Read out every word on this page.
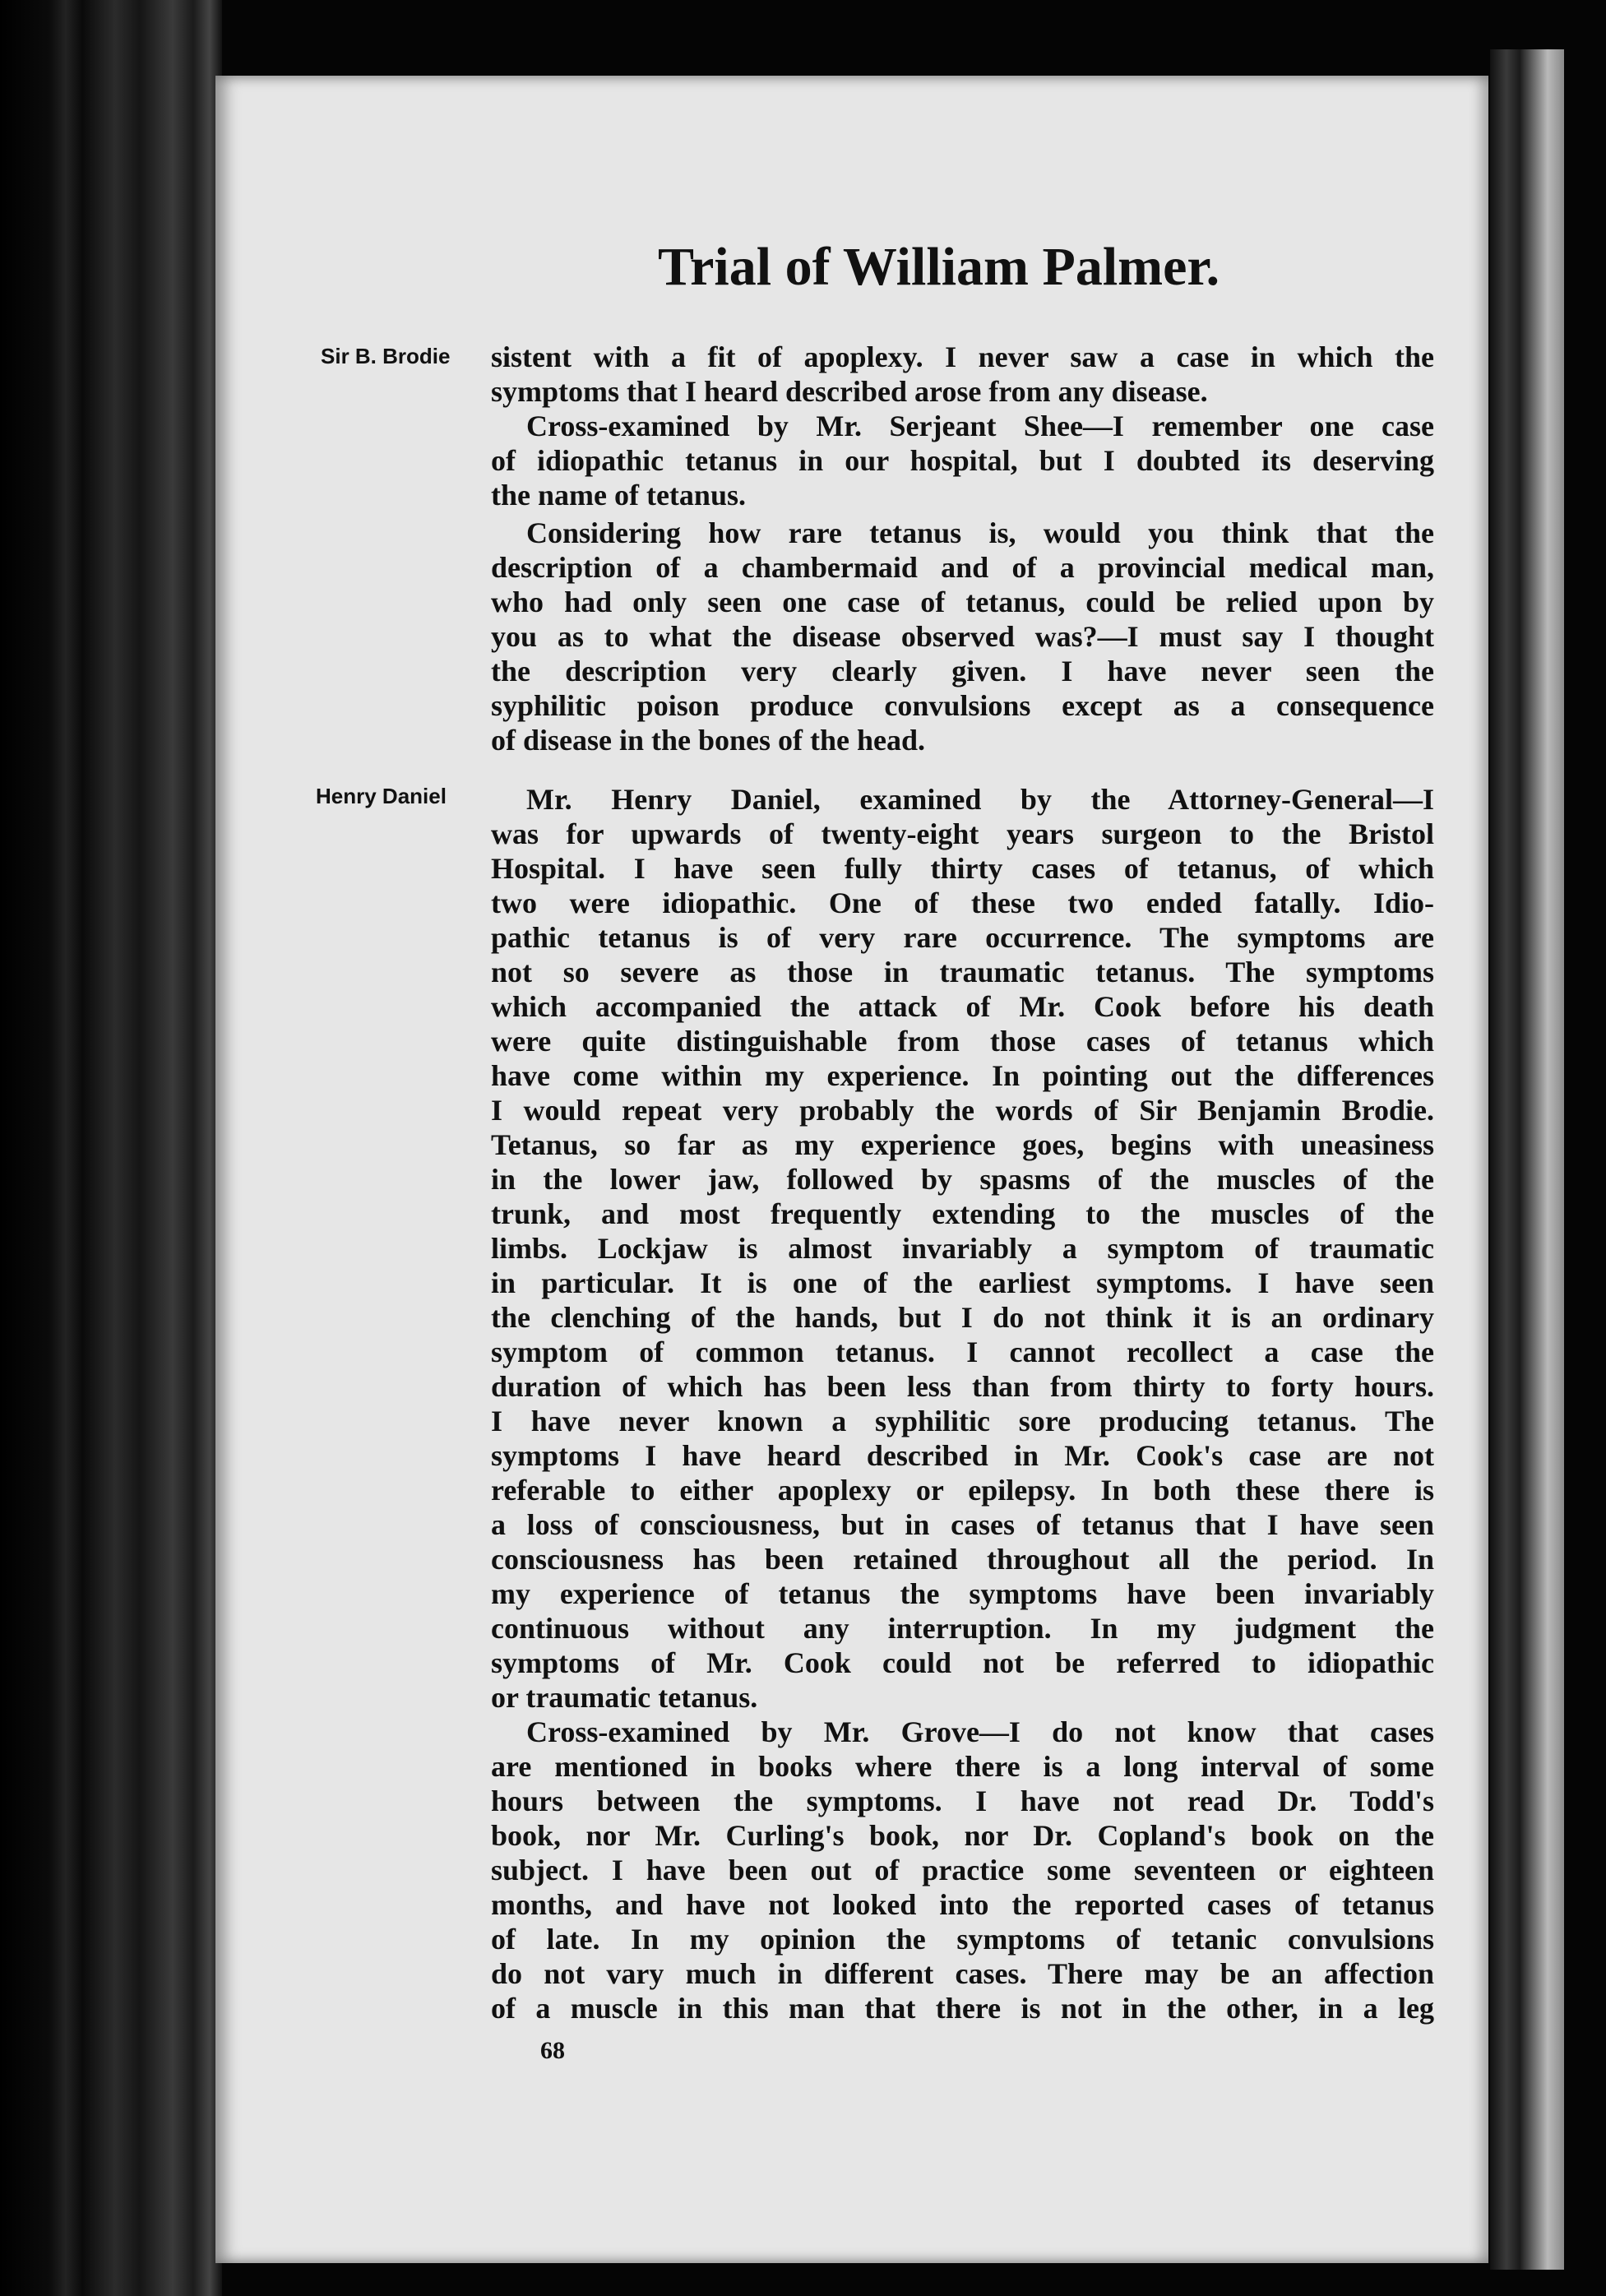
Trial of William Palmer.
Sir B. Brodie
Henry Daniel
sistent with a fit of apoplexy. I never saw a case in which the
symptoms that I heard described arose from any disease.
Cross-examined by Mr. Serjeant Shee—I remember one case
of idiopathic tetanus in our hospital, but I doubted its deserving
the name of tetanus.
Considering how rare tetanus is, would you think that the
description of a chambermaid and of a provincial medical man,
who had only seen one case of tetanus, could be relied upon by
you as to what the disease observed was?—I must say I thought
the description very clearly given. I have never seen the
syphilitic poison produce convulsions except as a consequence
of disease in the bones of the head.
Mr. Henry Daniel, examined by the Attorney-General—I
was for upwards of twenty-eight years surgeon to the Bristol
Hospital. I have seen fully thirty cases of tetanus, of which
two were idiopathic. One of these two ended fatally. Idio-
pathic tetanus is of very rare occurrence. The symptoms are
not so severe as those in traumatic tetanus. The symptoms
which accompanied the attack of Mr. Cook before his death
were quite distinguishable from those cases of tetanus which
have come within my experience. In pointing out the differences
I would repeat very probably the words of Sir Benjamin Brodie.
Tetanus, so far as my experience goes, begins with uneasiness
in the lower jaw, followed by spasms of the muscles of the
trunk, and most frequently extending to the muscles of the
limbs. Lockjaw is almost invariably a symptom of traumatic
in particular. It is one of the earliest symptoms. I have seen
the clenching of the hands, but I do not think it is an ordinary
symptom of common tetanus. I cannot recollect a case the
duration of which has been less than from thirty to forty hours.
I have never known a syphilitic sore producing tetanus. The
symptoms I have heard described in Mr. Cook's case are not
referable to either apoplexy or epilepsy. In both these there is
a loss of consciousness, but in cases of tetanus that I have seen
consciousness has been retained throughout all the period. In
my experience of tetanus the symptoms have been invariably
continuous without any interruption. In my judgment the
symptoms of Mr. Cook could not be referred to idiopathic
or traumatic tetanus.
Cross-examined by Mr. Grove—I do not know that cases
are mentioned in books where there is a long interval of some
hours between the symptoms. I have not read Dr. Todd's
book, nor Mr. Curling's book, nor Dr. Copland's book on the
subject. I have been out of practice some seventeen or eighteen
months, and have not looked into the reported cases of tetanus
of late. In my opinion the symptoms of tetanic convulsions
do not vary much in different cases. There may be an affection
of a muscle in this man that there is not in the other, in a leg
68
